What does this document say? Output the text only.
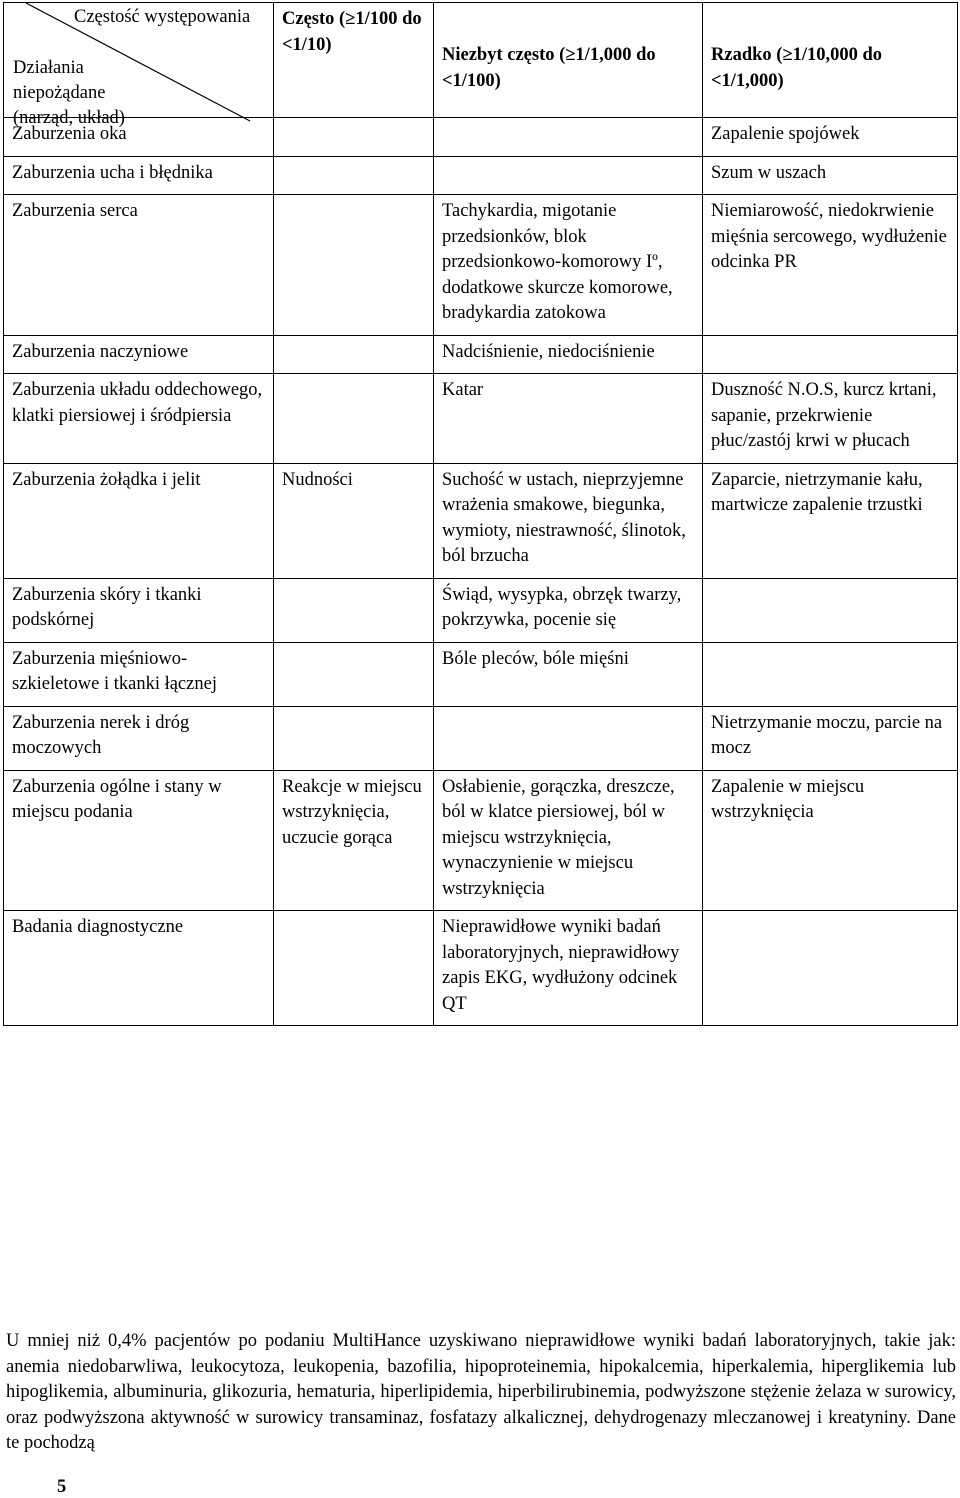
Częstość występowania
Działania niepożądane (narząd, układ)	Często (≥1/100 do <1/10)	Niezbyt często (≥1/1,000 do <1/100)	Rzadko (≥1/10,000 do <1/1,000)
Zaburzenia oka			Zapalenie spojówek
Zaburzenia ucha i błędnika			Szum w uszach
Zaburzenia serca		Tachykardia, migotanie przedsionków, blok przedsionkowo-komorowy Iº, dodatkowe skurcze komorowe, bradykardia zatokowa	Niemiarowość, niedokrwienie mięśnia sercowego, wydłużenie odcinka PR
Zaburzenia naczyniowe		Nadciśnienie, niedociśnienie	
Zaburzenia układu oddechowego, klatki piersiowej i śródpiersia		Katar	Duszność N.O.S, kurcz krtani, sapanie, przekrwienie płuc/zastój krwi w płucach
Zaburzenia żołądka i jelit	Nudności	Suchość w ustach, nieprzyjemne wrażenia smakowe, biegunka, wymioty, niestrawność, ślinotok, ból brzucha	Zaparcie, nietrzymanie kału, martwicze zapalenie trzustki
Zaburzenia skóry i tkanki podskórnej		Świąd, wysypka, obrzęk twarzy, pokrzywka, pocenie się	
Zaburzenia mięśniowo-szkieletowe i tkanki łącznej		Bóle pleców, bóle mięśni	
Zaburzenia nerek i dróg moczowych			Nietrzymanie moczu, parcie na mocz
Zaburzenia ogólne i stany w miejscu podania	Reakcje w miejscu wstrzyknięcia, uczucie gorąca	Osłabienie, gorączka, dreszcze, ból w klatce piersiowej, ból w miejscu wstrzyknięcia, wynaczynienie w miejscu wstrzyknięcia	Zapalenie w miejscu wstrzyknięcia
Badania diagnostyczne		Nieprawidłowe wyniki badań laboratoryjnych, nieprawidłowy zapis EKG, wydłużony odcinek QT	
U mniej niż 0,4% pacjentów po podaniu MultiHance uzyskiwano nieprawidłowe wyniki badań laboratoryjnych, takie jak: anemia niedobarwliwa, leukocytoza, leukopenia, bazofilia, hipoproteinemia, hipokalcemia, hiperkalemia, hiperglikemia lub hipoglikemia, albuminuria, glikozuria, hematuria, hiperlipidemia, hiperbilirubinemia, podwyższone stężenie żelaza w surowicy, oraz podwyższona aktywność w surowicy transaminaz, fosfatazy alkalicznej, dehydrogenazy mleczanowej i kreatyniny. Dane te pochodzą
5
